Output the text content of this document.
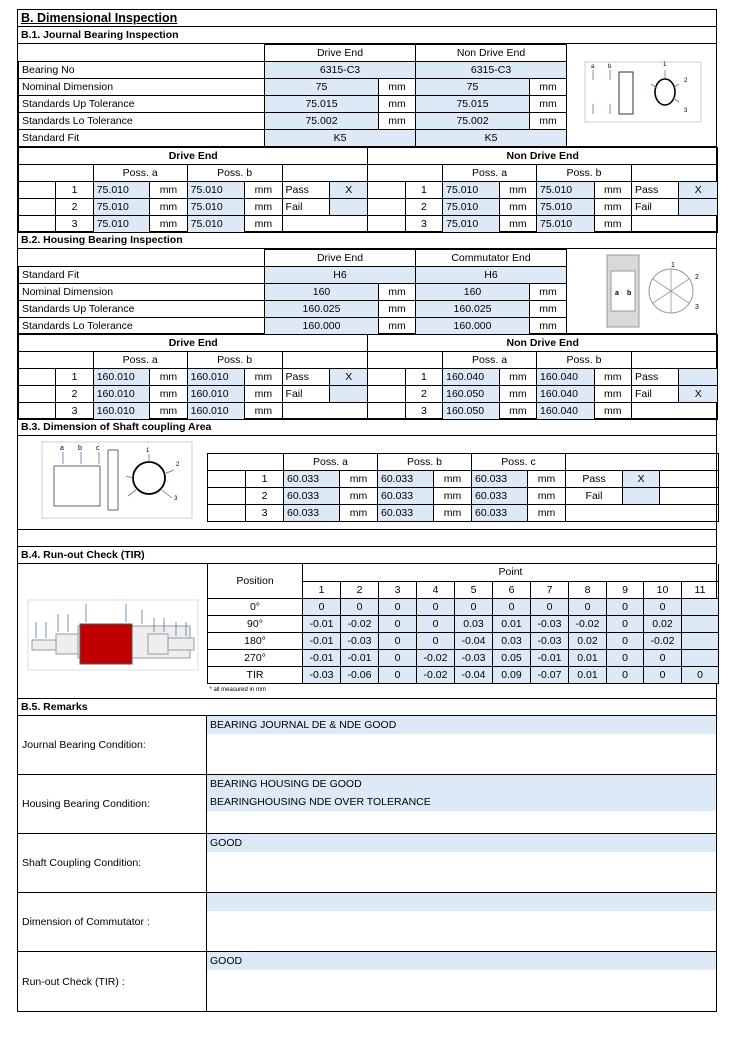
B. Dimensional Inspection
B.1. Journal Bearing Inspection
	Drive End		Non Drive End	
Bearing No	6315-C3		6315-C3	
Nominal Dimension	75	mm	75	mm
Standards Up Tolerance	75.015	mm	75.015	mm
Standards Lo Tolerance	75.002	mm	75.002	mm
Standard Fit	K5		K5	
a b	1
2
3
Drive End								Non Drive End							
		Poss. a		Poss. b						Poss. a		Poss. b			
	1	75.010	mm	75.010	mm	Pass	X		1	75.010	mm	75.010	mm	Pass	X
	2	75.010	mm	75.010	mm	Fail			2	75.010	mm	75.010	mm	Fail	
	3	75.010	mm	75.010	mm				3	75.010	mm	75.010	mm		
B.2. Housing Bearing Inspection
	Drive End		Commutator End	
Standard Fit	H6		H6	
Nominal Dimension	160	mm	160	mm
Standards Up Tolerance	160.025	mm	160.025	mm
Standards Lo Tolerance	160.000	mm	160.000	mm
a b
1
2
3
Drive End								Non Drive End							
		Poss. a		Poss. b						Poss. a		Poss. b			
	1	160.010	mm	160.010	mm	Pass	X		1	160.040	mm	160.040	mm	Pass	
	2	160.010	mm	160.010	mm	Fail			2	160.050	mm	160.040	mm	Fail	X
	3	160.010	mm	160.010	mm				3	160.050	mm	160.040	mm		
B.3. Dimension of Shaft coupling Area
a b c	1
2
3
		Poss. a		Poss. b		Poss. c				
	1	60.033	mm	60.033	mm	60.033	mm	Pass	X	
	2	60.033	mm	60.033	mm	60.033	mm	Fail		
	3	60.033	mm	60.033	mm	60.033	mm			
B.4. Run-out Check (TIR)
Position	Point										
	1	2	3	4	5	6	7	8	9	10	11
0°	0	0	0	0	0	0	0	0	0	0	
90°	-0.01	-0.02	0	0	0.03	0.01	-0.03	-0.02	0	0.02	
180°	-0.01	-0.03	0	0	-0.04	0.03	-0.03	0.02	0	-0.02	
270°	-0.01	-0.01	0	-0.02	-0.03	0.05	-0.01	0.01	0	0	
TIR	-0.03	-0.06	0	-0.02	-0.04	0.09	-0.07	0.01	0	0	0
* all measured in mm											
B.5. Remarks
Journal Bearing Condition:
BEARING JOURNAL DE & NDE GOOD
Housing Bearing Condition:
BEARING HOUSING DE GOOD
BEARINGHOUSING NDE OVER TOLERANCE
Shaft Coupling Condition:
GOOD
Dimension of Commutator :
Run-out Check (TIR) :
GOOD
